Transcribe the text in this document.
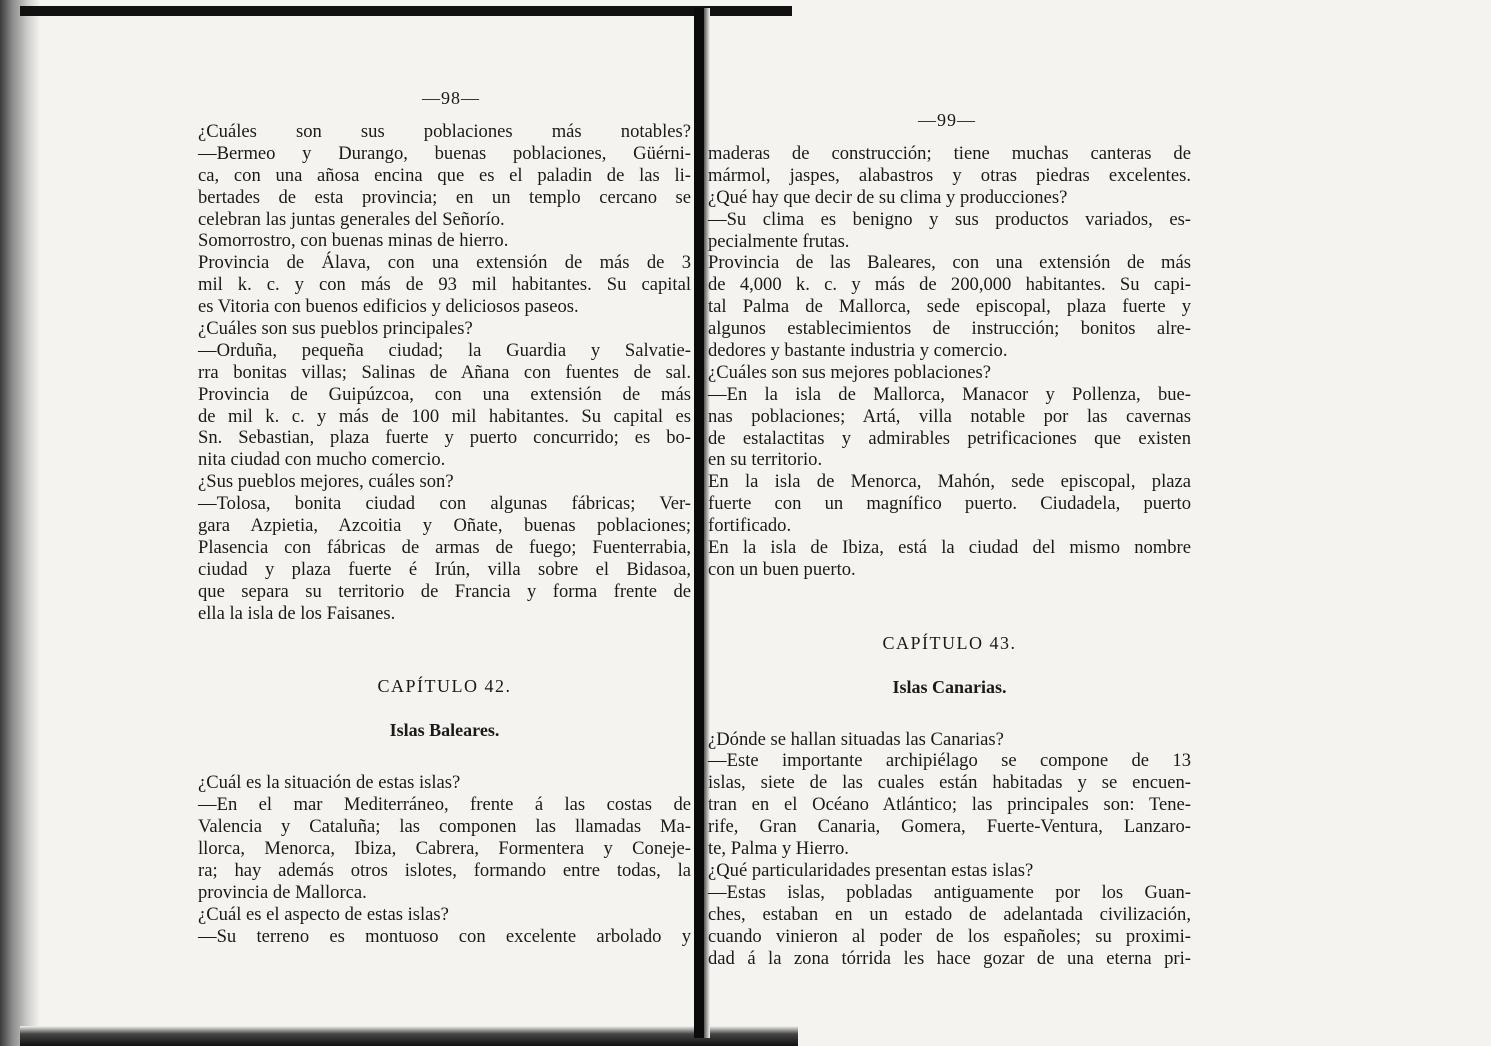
—98—
—99—
¿Cuáles son sus poblaciones más notables?
—Bermeo y Durango, buenas poblaciones, Güérni-
ca, con una añosa encina que es el paladin de las li-
bertades de esta provincia; en un templo cercano se
celebran las juntas generales del Señorío.
Somorrostro, con buenas minas de hierro.
Provincia de Álava, con una extensión de más de 3
mil k. c. y con más de 93 mil habitantes. Su capital
es Vitoria con buenos edificios y deliciosos paseos.
¿Cuáles son sus pueblos principales?
—Orduña, pequeña ciudad; la Guardia y Salvatie-
rra bonitas villas; Salinas de Añana con fuentes de sal.
Provincia de Guipúzcoa, con una extensión de más
de mil k. c. y más de 100 mil habitantes. Su capital es
Sn. Sebastian, plaza fuerte y puerto concurrido; es bo-
nita ciudad con mucho comercio.
¿Sus pueblos mejores, cuáles son?
—Tolosa, bonita ciudad con algunas fábricas; Ver-
gara Azpietia, Azcoitia y Oñate, buenas poblaciones;
Plasencia con fábricas de armas de fuego; Fuenterrabia,
ciudad y plaza fuerte é Irún, villa sobre el Bidasoa,
que separa su territorio de Francia y forma frente de
ella la isla de los Faisanes.
CAPÍTULO 42.
Islas Baleares.
¿Cuál es la situación de estas islas?
—En el mar Mediterráneo, frente á las costas de
Valencia y Cataluña; las componen las llamadas Ma-
llorca, Menorca, Ibiza, Cabrera, Formentera y Coneje-
ra; hay además otros islotes, formando entre todas, la
provincia de Mallorca.
¿Cuál es el aspecto de estas islas?
—Su terreno es montuoso con excelente arbolado y
maderas de construcción; tiene muchas canteras de
mármol, jaspes, alabastros y otras piedras excelentes.
¿Qué hay que decir de su clima y producciones?
—Su clima es benigno y sus productos variados, es-
pecialmente frutas.
Provincia de las Baleares, con una extensión de más
de 4,000 k. c. y más de 200,000 habitantes. Su capi-
tal Palma de Mallorca, sede episcopal, plaza fuerte y
algunos establecimientos de instrucción; bonitos alre-
dedores y bastante industria y comercio.
¿Cuáles son sus mejores poblaciones?
—En la isla de Mallorca, Manacor y Pollenza, bue-
nas poblaciones; Artá, villa notable por las cavernas
de estalactitas y admirables petrificaciones que existen
en su territorio.
En la isla de Menorca, Mahón, sede episcopal, plaza
fuerte con un magnífico puerto. Ciudadela, puerto
fortificado.
En la isla de Ibiza, está la ciudad del mismo nombre
con un buen puerto.
CAPÍTULO 43.
Islas Canarias.
¿Dónde se hallan situadas las Canarias?
—Este importante archipiélago se compone de 13
islas, siete de las cuales están habitadas y se encuen-
tran en el Océano Atlántico; las principales son: Tene-
rife, Gran Canaria, Gomera, Fuerte-Ventura, Lanzaro-
te, Palma y Hierro.
¿Qué particularidades presentan estas islas?
—Estas islas, pobladas antiguamente por los Guan-
ches, estaban en un estado de adelantada civilización,
cuando vinieron al poder de los españoles; su proximi-
dad á la zona tórrida les hace gozar de una eterna pri-
